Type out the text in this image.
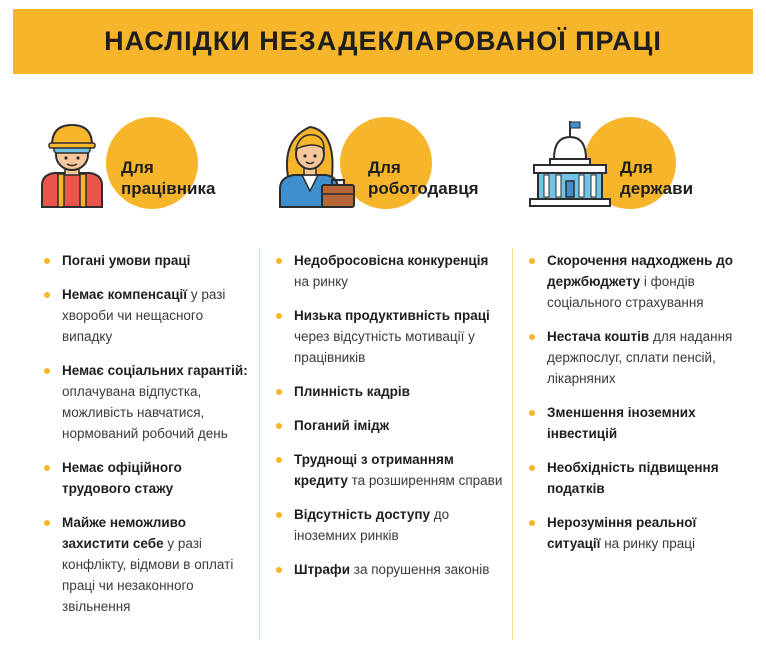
НАСЛІДКИ НЕЗАДЕКЛАРОВАНОЇ ПРАЦІ
Для
працівника
Для
роботодавця
Для
держави
Погані умови праці
Немає компенсації у разі хвороби чи нещасного випадку
Немає соціальних гарантій: оплачувана відпустка, можливість навчатися, нормований робочий день
Немає офіційного трудового стажу
Майже неможливо захистити себе у разі конфлікту, відмови в оплаті праці чи незаконного звільнення
Недобросовісна конкуренція на ринку
Низька продуктивність праці через відсутність мотивації у працівників
Плинність кадрів
Поганий імідж
Труднощі з отриманням кредиту та розширенням справи
Відсутність доступу до іноземних ринків
Штрафи за порушення законів
Скорочення надходжень до держбюджету і фондів соціального страхування
Нестача коштів для надання держпослуг, сплати пенсій, лікарняних
Зменшення іноземних інвестицій
Необхідність підвищення податків
Нерозуміння реальної ситуації на ринку праці
